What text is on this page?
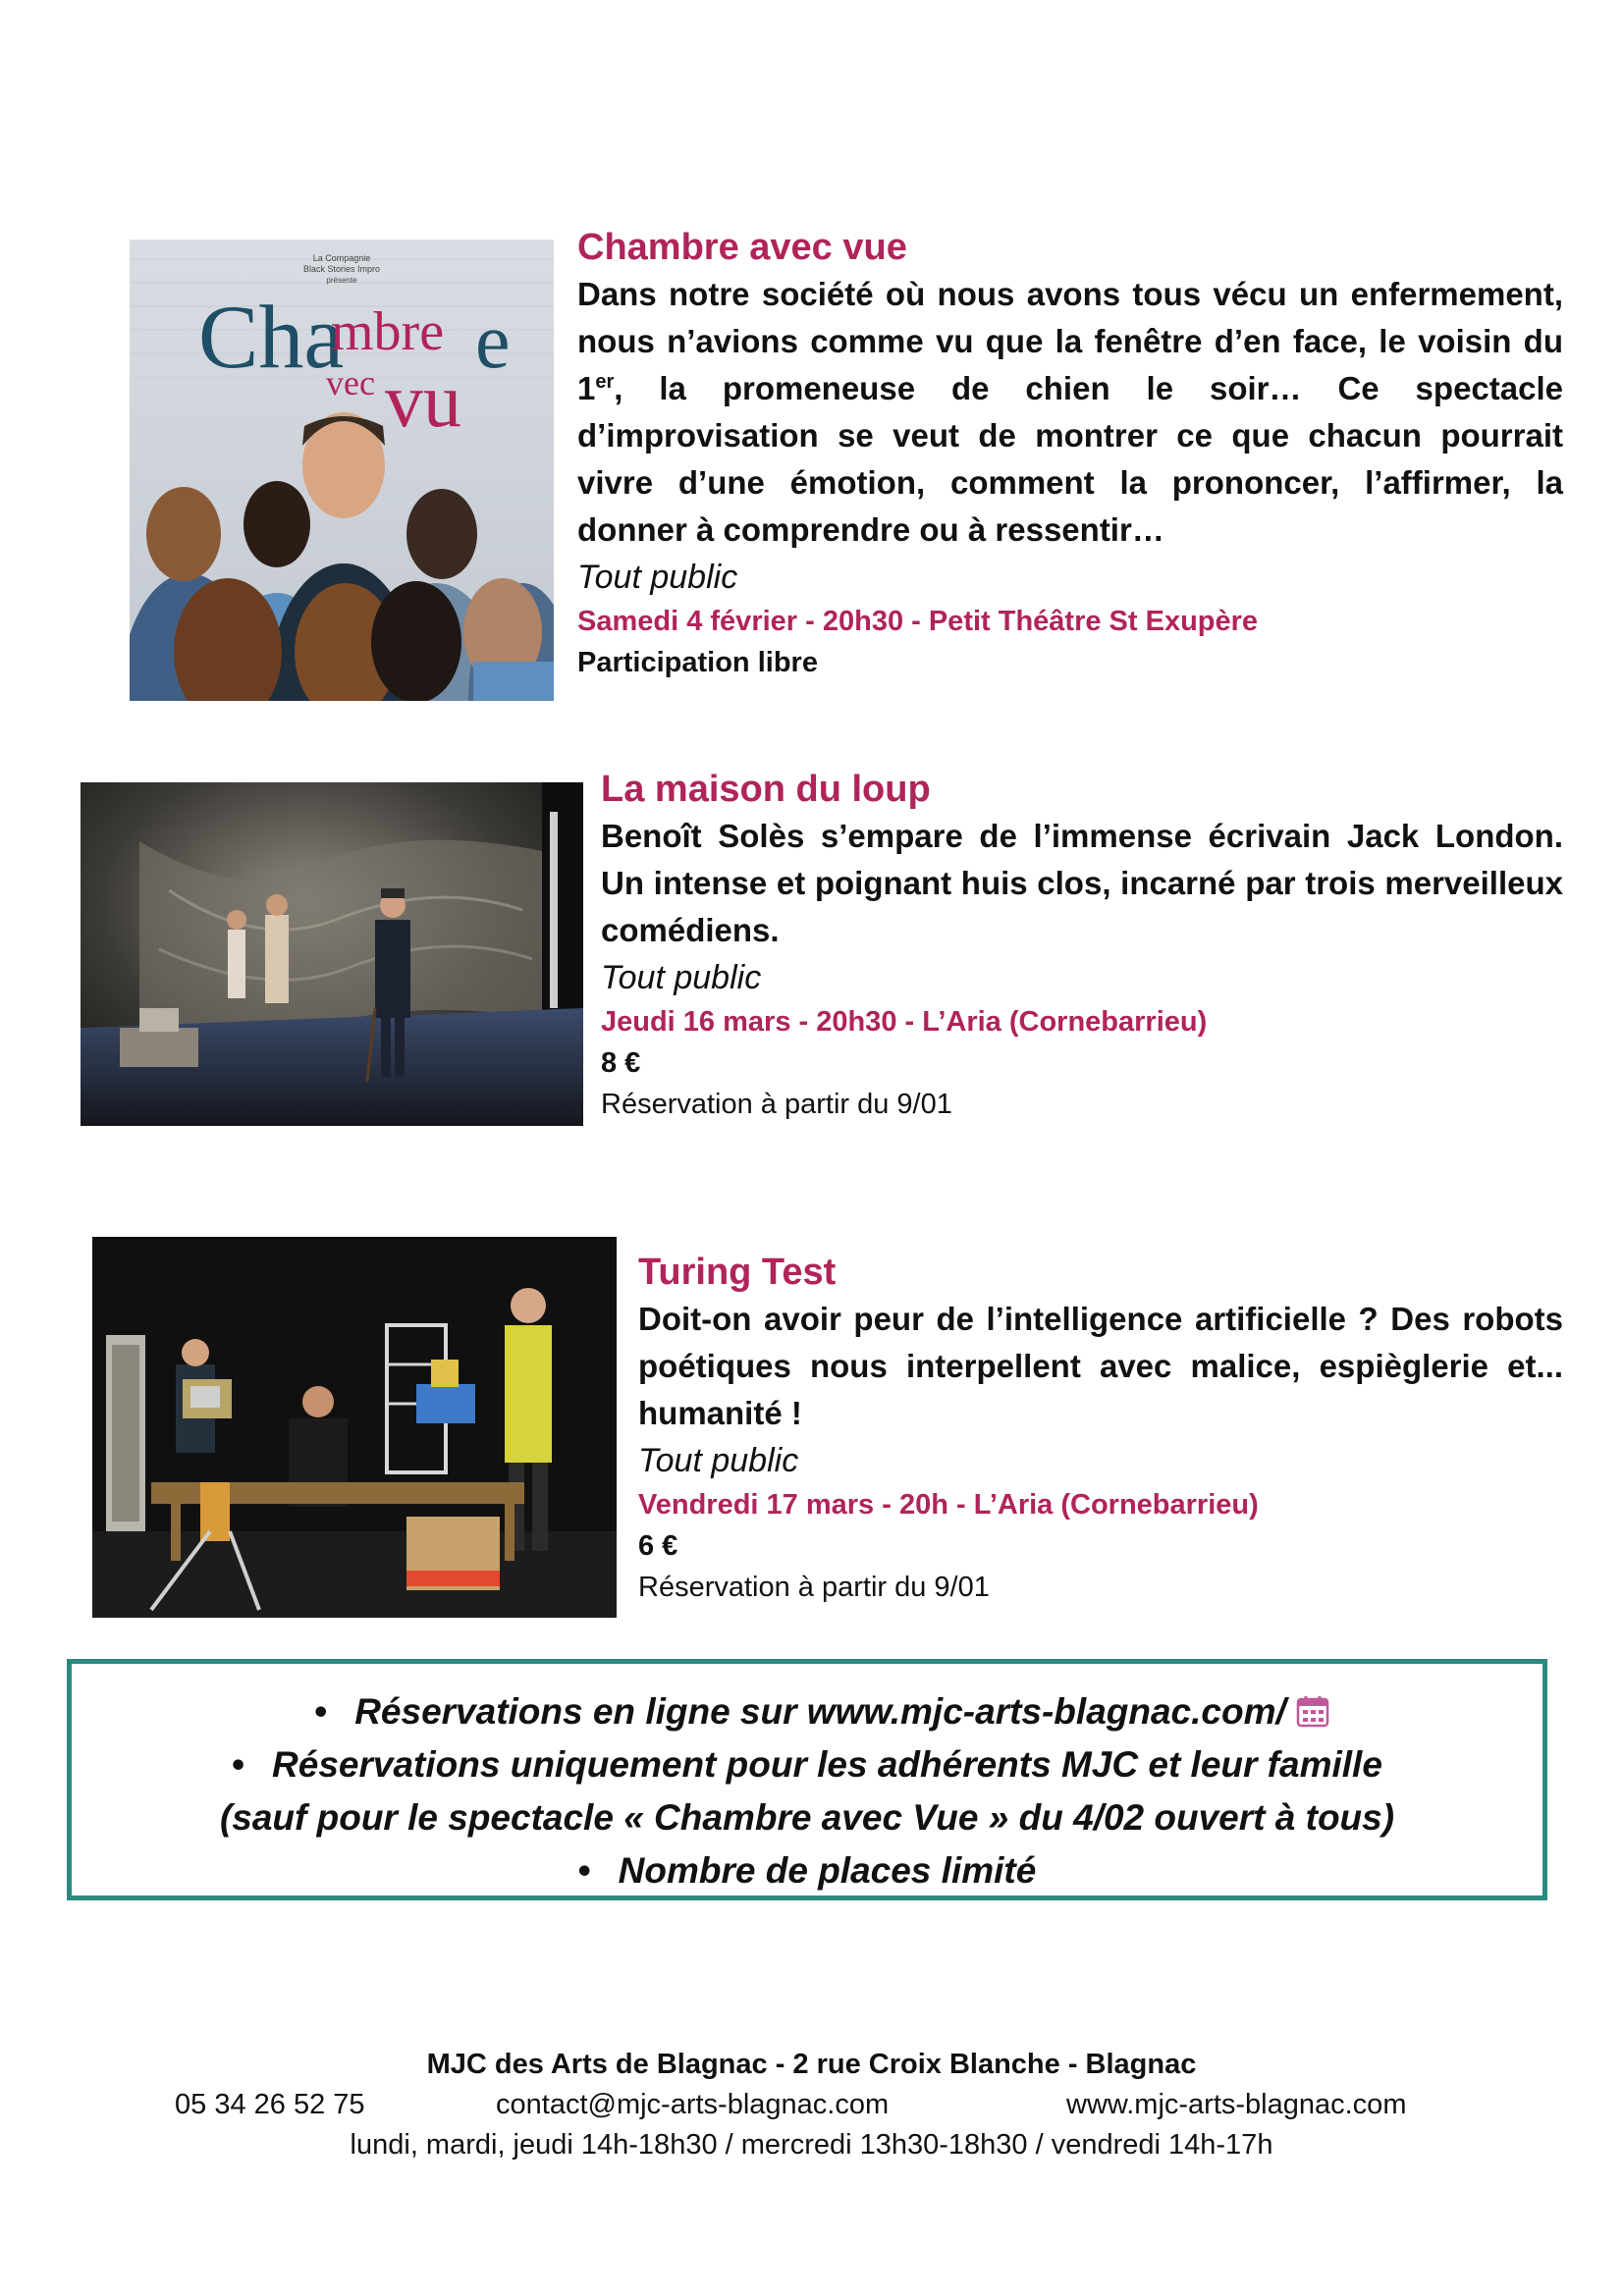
La Compagnie
Black Stories Impro
présente
Cha
mbre
vec vu
e

Chambre avec vue

Dans notre société où nous avons tous vécu un enfermement, nous n’avions comme vu que la fenêtre d’en face, le voisin du 1er, la promeneuse de chien le soir… Ce spectacle d’improvisation se veut de montrer ce que chacun pourrait vivre d’une émotion, comment la prononcer, l’affirmer, la donner à comprendre ou à ressentir…

Tout public

Samedi 4 février - 20h30 - Petit Théâtre St Exupère

Participation libre

La maison du loup

Benoît Solès s’empare de l’immense écrivain Jack London. Un intense et poignant huis clos, incarné par trois merveilleux comédiens.

Tout public

Jeudi 16 mars - 20h30 - L’Aria (Cornebarrieu)

8 €

Réservation à partir du 9/01

Turing Test

Doit-on avoir peur de l’intelligence artificielle ? Des robots poétiques nous interpellent avec malice, espièglerie et... humanité !

Tout public

Vendredi 17 mars - 20h - L’Aria (Cornebarrieu)

6 €

Réservation à partir du 9/01

• Réservations en ligne sur www.mjc-arts-blagnac.com/
• Réservations uniquement pour les adhérents MJC et leur famille
(sauf pour le spectacle « Chambre avec Vue » du 4/02 ouvert à tous)
• Nombre de places limité
MJC des Arts de Blagnac - 2 rue Croix Blanche - Blagnac
05 34 26 52 75	contact@mjc-arts-blagnac.com	www.mjc-arts-blagnac.com
lundi, mardi, jeudi 14h-18h30 / mercredi 13h30-18h30 / vendredi 14h-17h
